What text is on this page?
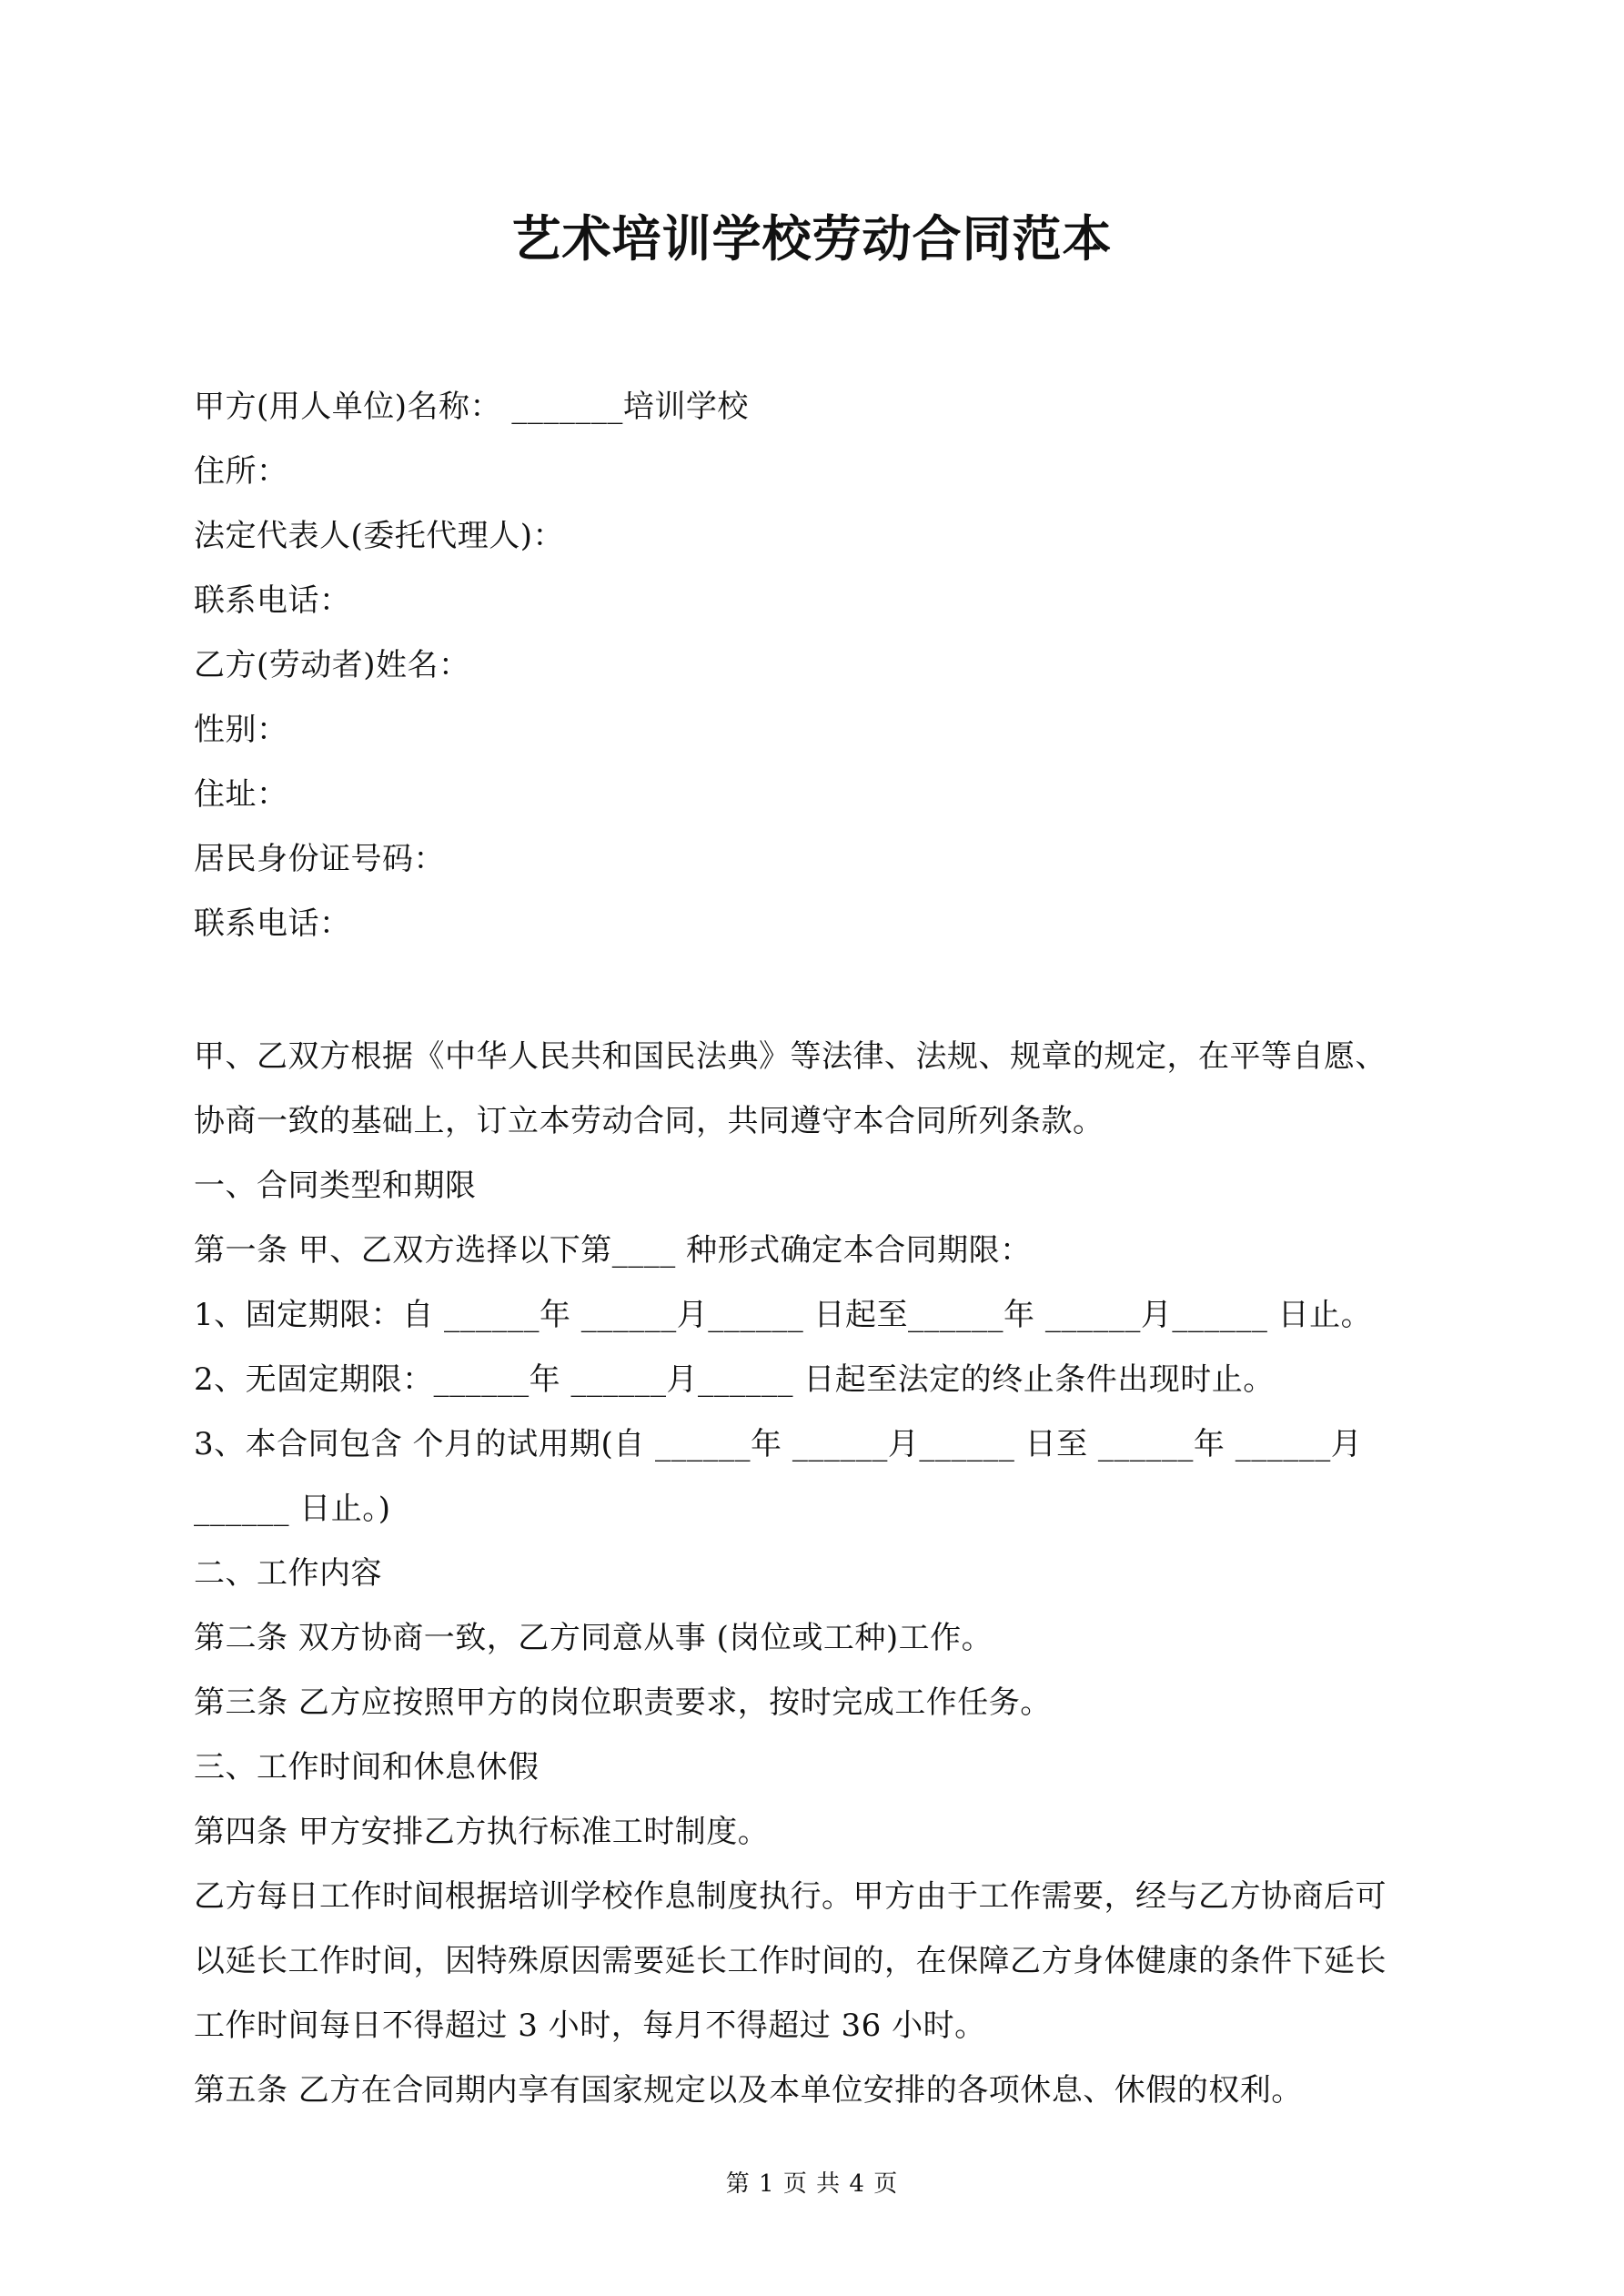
艺术培训学校劳动合同范本
甲方(用人单位)名称： _______培训学校
住所：
法定代表人(委托代理人)：
联系电话：
乙方(劳动者)姓名：
性别：
住址：
居民身份证号码：
联系电话：
甲、乙双方根据《中华人民共和国民法典》等法律、法规、规章的规定，在平等自愿、
协商一致的基础上，订立本劳动合同，共同遵守本合同所列条款。
一、合同类型和期限
第一条 甲、乙双方选择以下第____ 种形式确定本合同期限：
1、固定期限：自 ______年 ______月______ 日起至______年 ______月______ 日止。
2、无固定期限：______年 ______月______ 日起至法定的终止条件出现时止。
3、本合同包含 个月的试用期(自 ______年 ______月______ 日至 ______年 ______月
______ 日止。)
二、工作内容
第二条 双方协商一致，乙方同意从事 (岗位或工种)工作。
第三条 乙方应按照甲方的岗位职责要求，按时完成工作任务。
三、工作时间和休息休假
第四条 甲方安排乙方执行标准工时制度。
乙方每日工作时间根据培训学校作息制度执行。甲方由于工作需要，经与乙方协商后可
以延长工作时间，因特殊原因需要延长工作时间的，在保障乙方身体健康的条件下延长
工作时间每日不得超过 3 小时，每月不得超过 36 小时。
第五条 乙方在合同期内享有国家规定以及本单位安排的各项休息、休假的权利。
第 1 页 共 4 页
